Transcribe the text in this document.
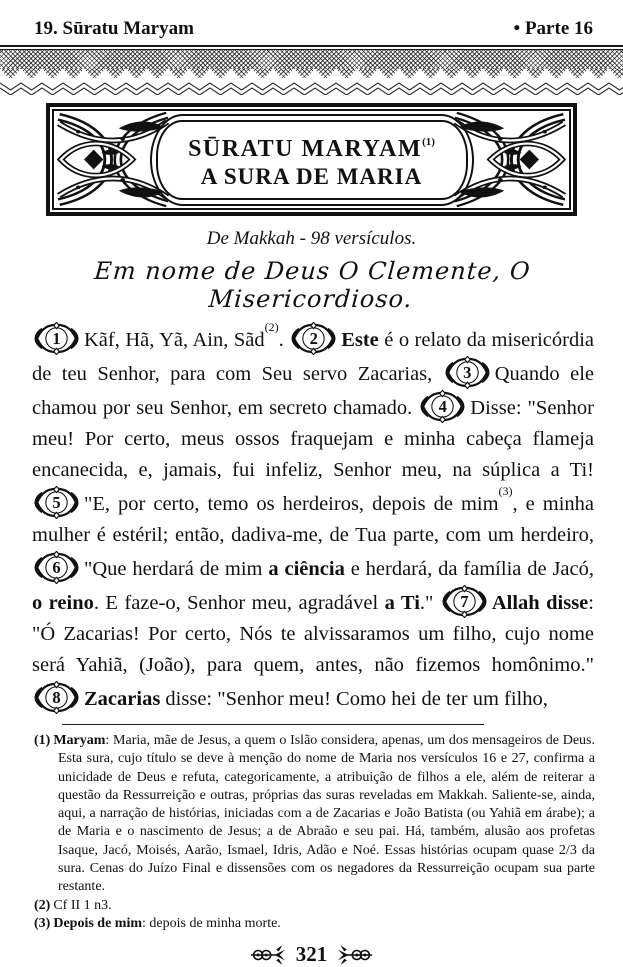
19. Sūratu Maryam	• Parte 16
SŪRATU MARYAM$^{(1)}$
A SURA DE MARIA
De Makkah - 98 versículos.
Em nome de Deus O Clemente, O Misericordioso.

1	Kãf, Hã, Yã, Ain, Sãd$^{(2)}$.	2	Este é o relato da misericórdia de teu Senhor, para com Seu servo Zacarias,	3	Quando ele chamou por seu Senhor, em secreto chamado.	4	Disse: "Senhor meu! Por certo, meus ossos fraquejam e minha cabeça flameja encanecida, e, jamais, fui infeliz, Senhor meu, na súplica a Ti!
5	"E, por certo, temo os herdeiros, depois de mim$^{(3)}$, e minha mulher é estéril; então, dadiva-me, de Tua parte, com um herdeiro,
6	"Que herdará de mim a ciência e herdará, da família de Jacó, o reino. E faze-o, Senhor meu, agradável a Ti."	7	Allah disse: "Ó Zacarias! Por certo, Nós te alvissaramos um filho, cujo nome será Yahiã, (João), para quem, antes, não fizemos homônimo."
8	Zacarias disse: "Senhor meu! Como hei de ter um filho,

(1) Maryam: Maria, mãe de Jesus, a quem o Islão considera, apenas, um dos mensageiros de Deus. Esta sura, cujo título se deve à menção do nome de Maria nos versículos 16 e 27, confirma a unicidade de Deus e refuta, categoricamente, a atribuição de filhos a ele, além de reiterar a questão da Ressurreição e outras, próprias das suras reveladas em Makkah. Saliente-se, ainda, aqui, a narração de histórias, iniciadas com a de Zacarias e João Batista (ou Yahiã em árabe); a de Maria e o nascimento de Jesus; a de Abraão e seu pai. Há, também, alusão aos profetas Isaque, Jacó, Moisés, Aarão, Ismael, Idris, Adão e Noé. Essas histórias ocupam quase 2/3 da sura. Cenas do Juízo Final e dissensões com os negadores da Ressurreição ocupam sua parte restante.
(2) Cf II 1 n3.
(3) Depois de mim: depois de minha morte.
321
